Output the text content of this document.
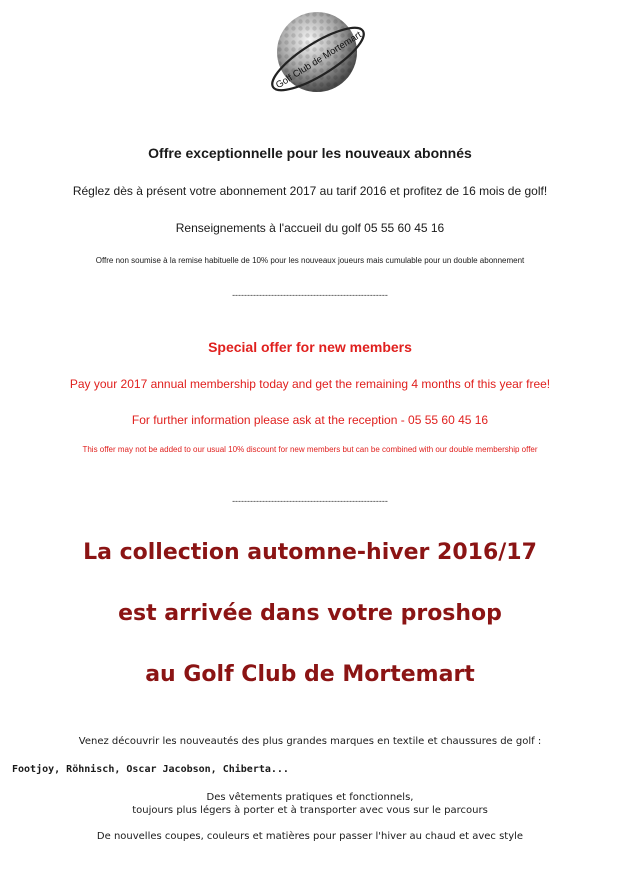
Golf Club de Mortemart
Offre exceptionnelle pour les nouveaux abonnés
Réglez dès à présent votre abonnement 2017 au tarif 2016 et profitez de 16 mois de golf!
Renseignements à l'accueil du golf 05 55 60 45 16
Offre non soumise à la remise habituelle de 10% pour les nouveaux joueurs mais cumulable pour un double abonnement
----------------------------------------------------
Special offer for new members
Pay your 2017 annual membership today and get the remaining 4 months of this year free!
For further information please ask at the reception - 05 55 60 45 16
This offer may not be added to our usual 10% discount for new members but can be combined with our double membership offer
----------------------------------------------------
La collection automne-hiver 2016/17
est arrivée dans votre proshop
au Golf Club de Mortemart
Venez découvrir les nouveautés des plus grandes marques en textile et chaussures de golf :
Footjoy, Röhnisch, Oscar Jacobson, Chiberta...
Des vêtements pratiques et fonctionnels,
toujours plus légers à porter et à transporter avec vous sur le parcours
De nouvelles coupes, couleurs et matières pour passer l'hiver au chaud et avec style
